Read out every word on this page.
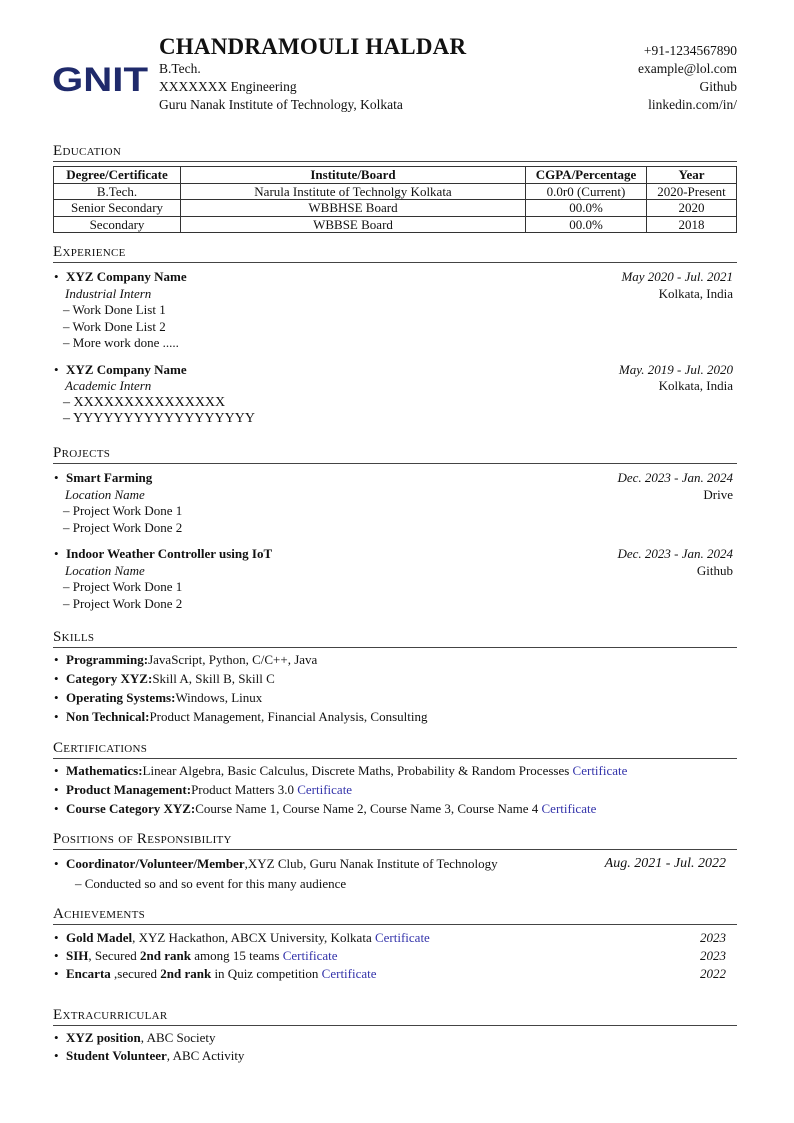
GNIT
CHANDRAMOULI HALDAR
B.Tech.
XXXXXXX Engineering
Guru Nanak Institute of Technology, Kolkata
+91-1234567890
example@lol.com
Github
linkedin.com/in/
Education
Degree/Certificate	Institute/Board	CGPA/Percentage	Year
B.Tech.	Narula Institute of Technolgy Kolkata	0.0r0 (Current)	2020-Present
Senior Secondary	WBBHSE Board	00.0%	2020
Secondary	WBBSE Board	00.0%	2018
Experience
• XYZ Company Name	May 2020 - Jul. 2021
Industrial Intern	Kolkata, India
– Work Done List 1
– Work Done List 2
– More work done .....
• XYZ Company Name	May. 2019 - Jul. 2020
Academic Intern	Kolkata, India
– XXXXXXXXXXXXXXX
– YYYYYYYYYYYYYYYYYY
Projects
• Smart Farming	Dec. 2023 - Jan. 2024
Location Name	Drive
– Project Work Done 1
– Project Work Done 2
• Indoor Weather Controller using IoT	Dec. 2023 - Jan. 2024
Location Name	Github
– Project Work Done 1
– Project Work Done 2
Skills
• Programming:JavaScript, Python, C/C++, Java
• Category XYZ:Skill A, Skill B, Skill C
• Operating Systems:Windows, Linux
• Non Technical:Product Management, Financial Analysis, Consulting
Certifications
• Mathematics:Linear Algebra, Basic Calculus, Discrete Maths, Probability & Random Processes Certificate
• Product Management:Product Matters 3.0 Certificate
• Course Category XYZ:Course Name 1, Course Name 2, Course Name 3, Course Name 4 Certificate
Positions of Responsibility
• Coordinator/Volunteer/Member,XYZ Club, Guru Nanak Institute of Technology	Aug. 2021 - Jul. 2022
– Conducted so and so event for this many audience
Achievements
• Gold Madel, XYZ Hackathon, ABCX University, Kolkata Certificate	2023
• SIH, Secured 2nd rank among 15 teams Certificate	2023
• Encarta ,secured 2nd rank in Quiz competition Certificate	2022
Extracurricular
• XYZ position, ABC Society
• Student Volunteer, ABC Activity
